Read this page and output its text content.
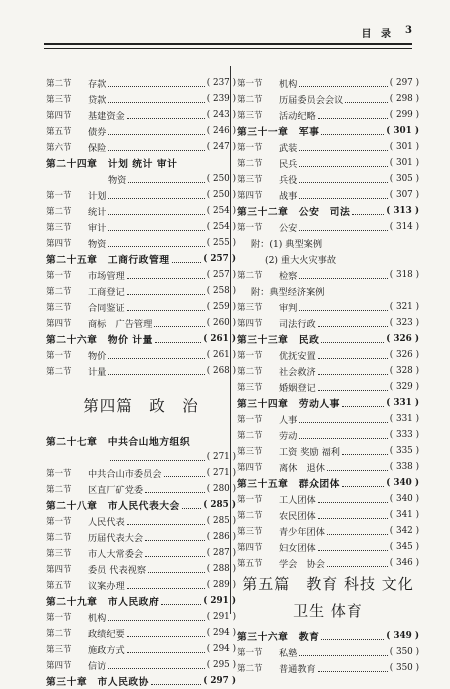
目 录 3
第二节	存款	( 237 )
第三节	贷款	( 239 )
第四节	基建资金	( 243 )
第五节	债券	( 246 )
第六节	保险	( 247 )
第二十四章　计划 统计 审计
物资	( 250 )
第一节	计划	( 250 )
第二节	统计	( 254 )
第三节	审计	( 254 )
第四节	物资	( 255 )
第二十五章　工商行政管理	( 257 )
第一节	市场管理	( 257 )
第二节	工商登记	( 258 )
第三节	合同鉴证	( 259 )
第四节	商标　广告管理	( 260 )
第二十六章　物价 计量	( 261 )
第一节	物价	( 261 )
第二节	计量	( 268 )
第四篇　政　治
第二十七章　中共合山地方组织
( 271 )
第一节	中共合山市委员会	( 271 )
第二节	区直厂矿党委	( 280 )
第二十八章　市人民代表大会	( 285 )
第一节	人民代表	( 285 )
第二节	历届代表大会	( 286 )
第三节	市人大常委会	( 287 )
第四节	委员 代表视察	( 288 )
第五节	议案办理	( 289 )
第二十九章　市人民政府	( 291 )
第一节	机构	( 291 )
第二节	政绩纪要	( 294 )
第三节	施政方式	( 294 )
第四节	信访	( 295 )
第三十章　市人民政协	( 297 )
第一节	机构	( 297 )
第二节	历届委员会会议	( 298 )
第三节	活动纪略	( 299 )
第三十一章　军事	( 301 )
第一节	武装	( 301 )
第二节	民兵	( 301 )
第三节	兵役	( 305 )
第四节	战事	( 307 )
第三十二章　公安　司法	( 313 )
第一节	公安	( 314 )
附：(1) 典型案例
(2) 重大火灾事故
第二节	检察	( 318 )
附：典型经济案例
第三节	审判	( 321 )
第四节	司法行政	( 323 )
第三十三章　民政	( 326 )
第一节	优抚安置	( 326 )
第二节	社会救济	( 328 )
第三节	婚姻登记	( 329 )
第三十四章　劳动人事	( 331 )
第一节	人事	( 331 )
第二节	劳动	( 333 )
第三节	工资 奖励 福利	( 335 )
第四节	离休　退休	( 338 )
第三十五章　群众团体	( 340 )
第一节	工人团体	( 340 )
第二节	农民团体	( 341 )
第三节	青少年团体	( 342 )
第四节	妇女团体	( 345 )
第五节	学会　协会	( 346 )
第五篇　教育 科技 文化
卫生 体育
第三十六章　教育	( 349 )
第一节	私塾	( 350 )
第二节	普通教育	( 350 )
